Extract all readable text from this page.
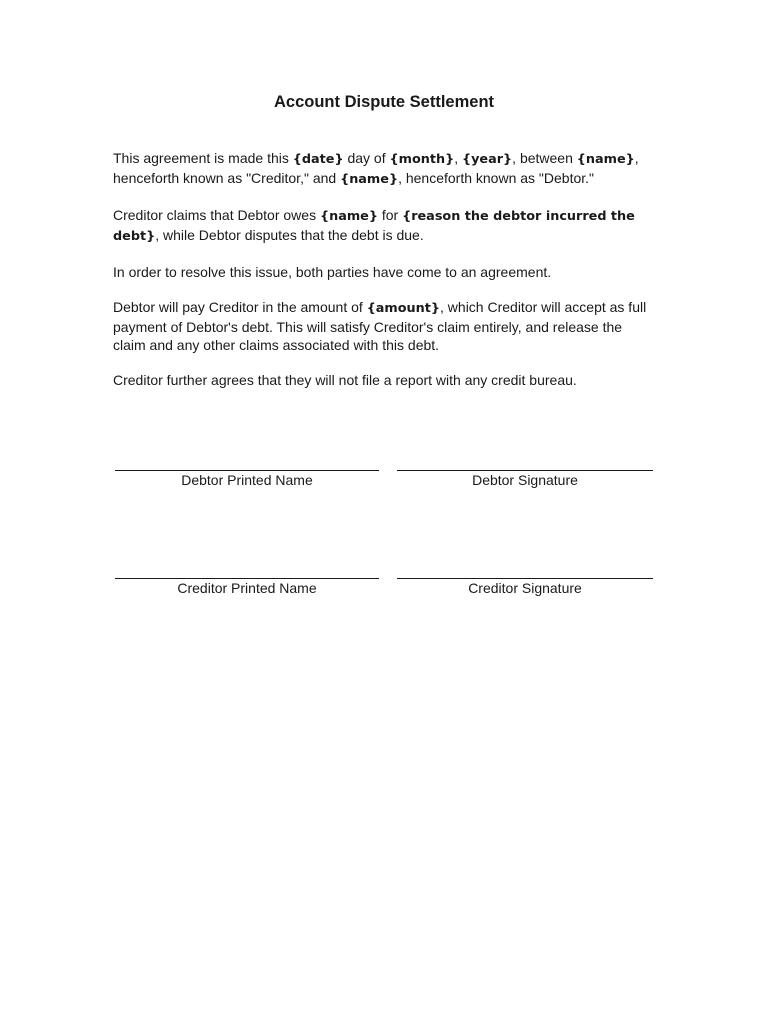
Account Dispute Settlement

This agreement is made this {date} day of {month}, {year}, between {name}, henceforth known as "Creditor," and {name}, henceforth known as "Debtor."

Creditor claims that Debtor owes {name} for {reason the debtor incurred the debt}, while Debtor disputes that the debt is due.

In order to resolve this issue, both parties have come to an agreement.

Debtor will pay Creditor in the amount of {amount}, which Creditor will accept as full payment of Debtor's debt. This will satisfy Creditor's claim entirely, and release the claim and any other claims associated with this debt.

Creditor further agrees that they will not file a report with any credit bureau.

Debtor Printed Name	Debtor Signature
Creditor Printed Name	Creditor Signature
